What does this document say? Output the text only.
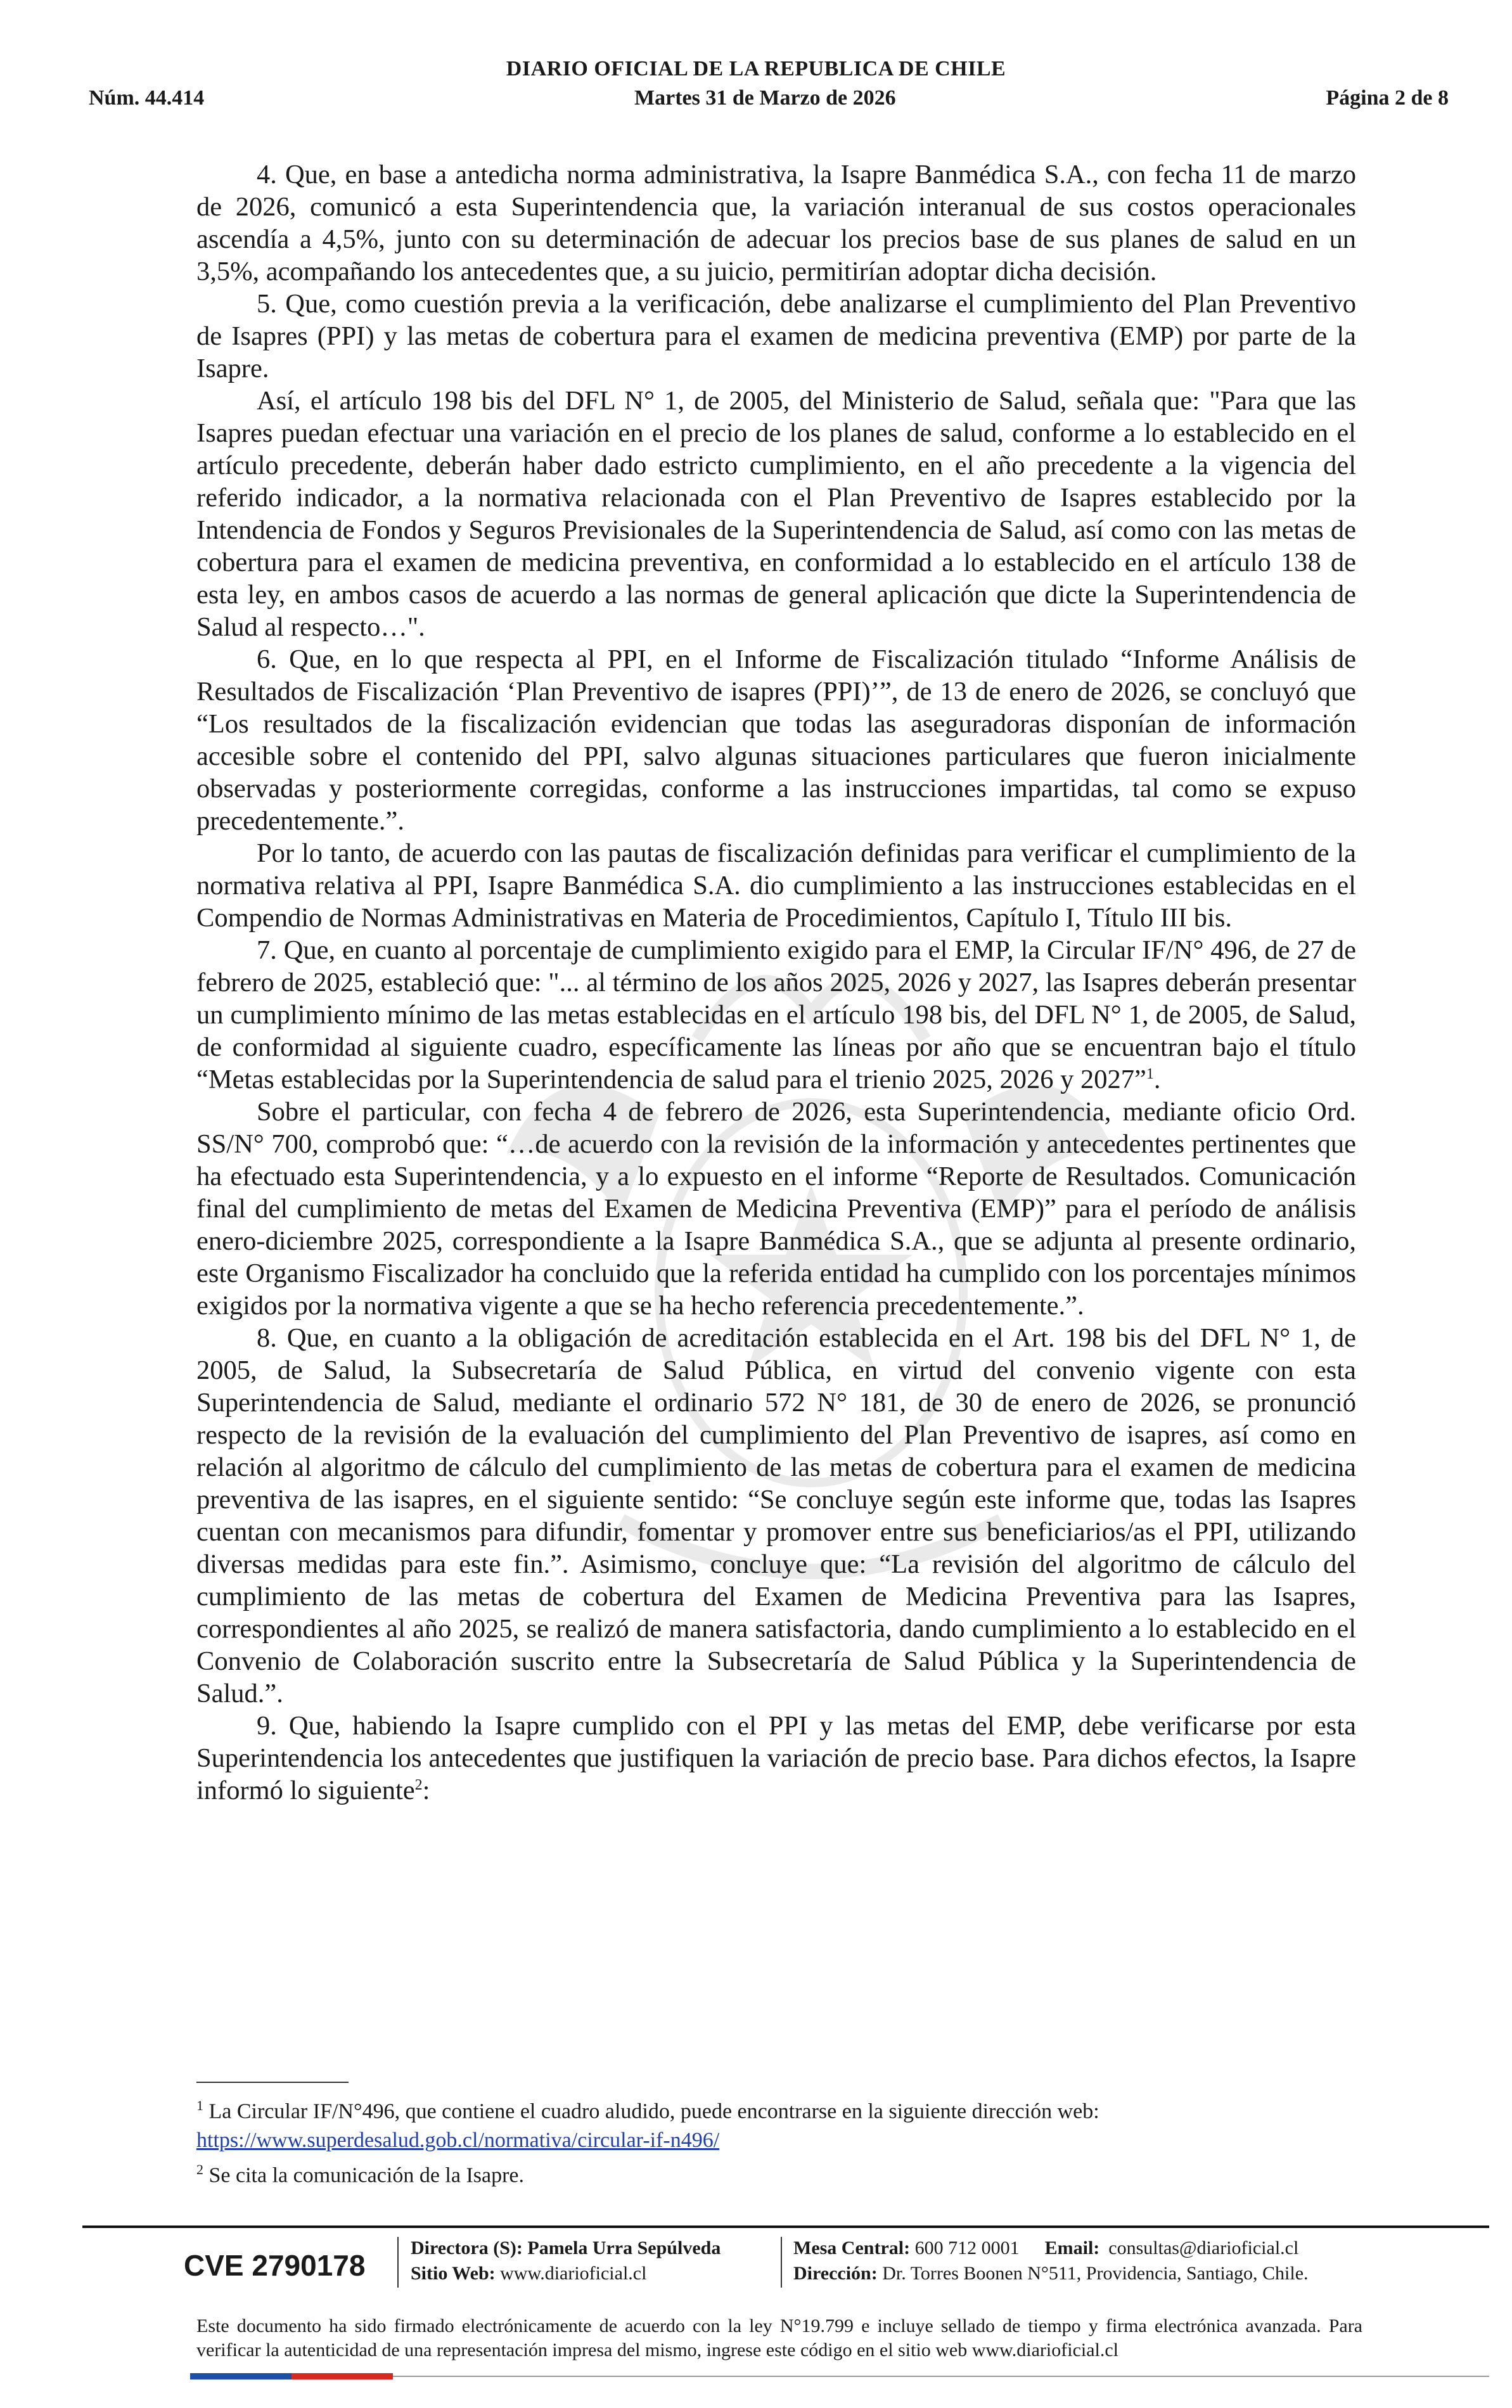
DIARIO OFICIAL DE LA REPUBLICA DE CHILE
Núm. 44.414	Martes 31 de Marzo de 2026	Página 2 de 8

4. Que, en base a antedicha norma administrativa, la Isapre Banmédica S.A., con fecha 11 de marzo de 2026, comunicó a esta Superintendencia que, la variación interanual de sus costos operacionales ascendía a 4,5%, junto con su determinación de adecuar los precios base de sus planes de salud en un 3,5%, acompañando los antecedentes que, a su juicio, permitirían adoptar dicha decisión.

5. Que, como cuestión previa a la verificación, debe analizarse el cumplimiento del Plan Preventivo de Isapres (PPI) y las metas de cobertura para el examen de medicina preventiva (EMP) por parte de la Isapre.

Así, el artículo 198 bis del DFL N° 1, de 2005, del Ministerio de Salud, señala que: "Para que las Isapres puedan efectuar una variación en el precio de los planes de salud, conforme a lo establecido en el artículo precedente, deberán haber dado estricto cumplimiento, en el año precedente a la vigencia del referido indicador, a la normativa relacionada con el Plan Preventivo de Isapres establecido por la Intendencia de Fondos y Seguros Previsionales de la Superintendencia de Salud, así como con las metas de cobertura para el examen de medicina preventiva, en conformidad a lo establecido en el artículo 138 de esta ley, en ambos casos de acuerdo a las normas de general aplicación que dicte la Superintendencia de Salud al respecto…".

6. Que, en lo que respecta al PPI, en el Informe de Fiscalización titulado “Informe Análisis de Resultados de Fiscalización ‘Plan Preventivo de isapres (PPI)’”, de 13 de enero de 2026, se concluyó que “Los resultados de la fiscalización evidencian que todas las aseguradoras disponían de información accesible sobre el contenido del PPI, salvo algunas situaciones particulares que fueron inicialmente observadas y posteriormente corregidas, conforme a las instrucciones impartidas, tal como se expuso precedentemente.”.

Por lo tanto, de acuerdo con las pautas de fiscalización definidas para verificar el cumplimiento de la normativa relativa al PPI, Isapre Banmédica S.A. dio cumplimiento a las instrucciones establecidas en el Compendio de Normas Administrativas en Materia de Procedimientos, Capítulo I, Título III bis.

7. Que, en cuanto al porcentaje de cumplimiento exigido para el EMP, la Circular IF/N° 496, de 27 de febrero de 2025, estableció que: "... al término de los años 2025, 2026 y 2027, las Isapres deberán presentar un cumplimiento mínimo de las metas establecidas en el artículo 198 bis, del DFL N° 1, de 2005, de Salud, de conformidad al siguiente cuadro, específicamente las líneas por año que se encuentran bajo el título “Metas establecidas por la Superintendencia de salud para el trienio 2025, 2026 y 2027”$^1$.

Sobre el particular, con fecha 4 de febrero de 2026, esta Superintendencia, mediante oficio Ord. SS/N° 700, comprobó que: “…de acuerdo con la revisión de la información y antecedentes pertinentes que ha efectuado esta Superintendencia, y a lo expuesto en el informe “Reporte de Resultados. Comunicación final del cumplimiento de metas del Examen de Medicina Preventiva (EMP)” para el período de análisis enero-diciembre 2025, correspondiente a la Isapre Banmédica S.A., que se adjunta al presente ordinario, este Organismo Fiscalizador ha concluido que la referida entidad ha cumplido con los porcentajes mínimos exigidos por la normativa vigente a que se ha hecho referencia precedentemente.”.

8. Que, en cuanto a la obligación de acreditación establecida en el Art. 198 bis del DFL N° 1, de 2005, de Salud, la Subsecretaría de Salud Pública, en virtud del convenio vigente con esta Superintendencia de Salud, mediante el ordinario 572 N° 181, de 30 de enero de 2026, se pronunció respecto de la revisión de la evaluación del cumplimiento del Plan Preventivo de isapres, así como en relación al algoritmo de cálculo del cumplimiento de las metas de cobertura para el examen de medicina preventiva de las isapres, en el siguiente sentido: “Se concluye según este informe que, todas las Isapres cuentan con mecanismos para difundir, fomentar y promover entre sus beneficiarios/as el PPI, utilizando diversas medidas para este fin.”. Asimismo, concluye que: “La revisión del algoritmo de cálculo del cumplimiento de las metas de cobertura del Examen de Medicina Preventiva para las Isapres, correspondientes al año 2025, se realizó de manera satisfactoria, dando cumplimiento a lo establecido en el Convenio de Colaboración suscrito entre la Subsecretaría de Salud Pública y la Superintendencia de Salud.”.

9. Que, habiendo la Isapre cumplido con el PPI y las metas del EMP, debe verificarse por esta Superintendencia los antecedentes que justifiquen la variación de precio base. Para dichos efectos, la Isapre informó lo siguiente$^2$:

$^1$ La Circular IF/N°496, que contiene el cuadro aludido, puede encontrarse en la siguiente dirección web: https://www.superdesalud.gob.cl/normativa/circular-if-n496/

$^2$ Se cita la comunicación de la Isapre.

CVE 2790178
Directora (S): Pamela Urra Sepúlveda
Sitio Web: www.diarioficial.cl
Mesa Central: 600 712 0001 Email: consultas@diarioficial.cl
Dirección: Dr. Torres Boonen N°511, Providencia, Santiago, Chile.
Este documento ha sido firmado electrónicamente de acuerdo con la ley N°19.799 e incluye sellado de tiempo y firma electrónica avanzada. Para verificar la autenticidad de una representación impresa del mismo, ingrese este código en el sitio web www.diarioficial.cl
